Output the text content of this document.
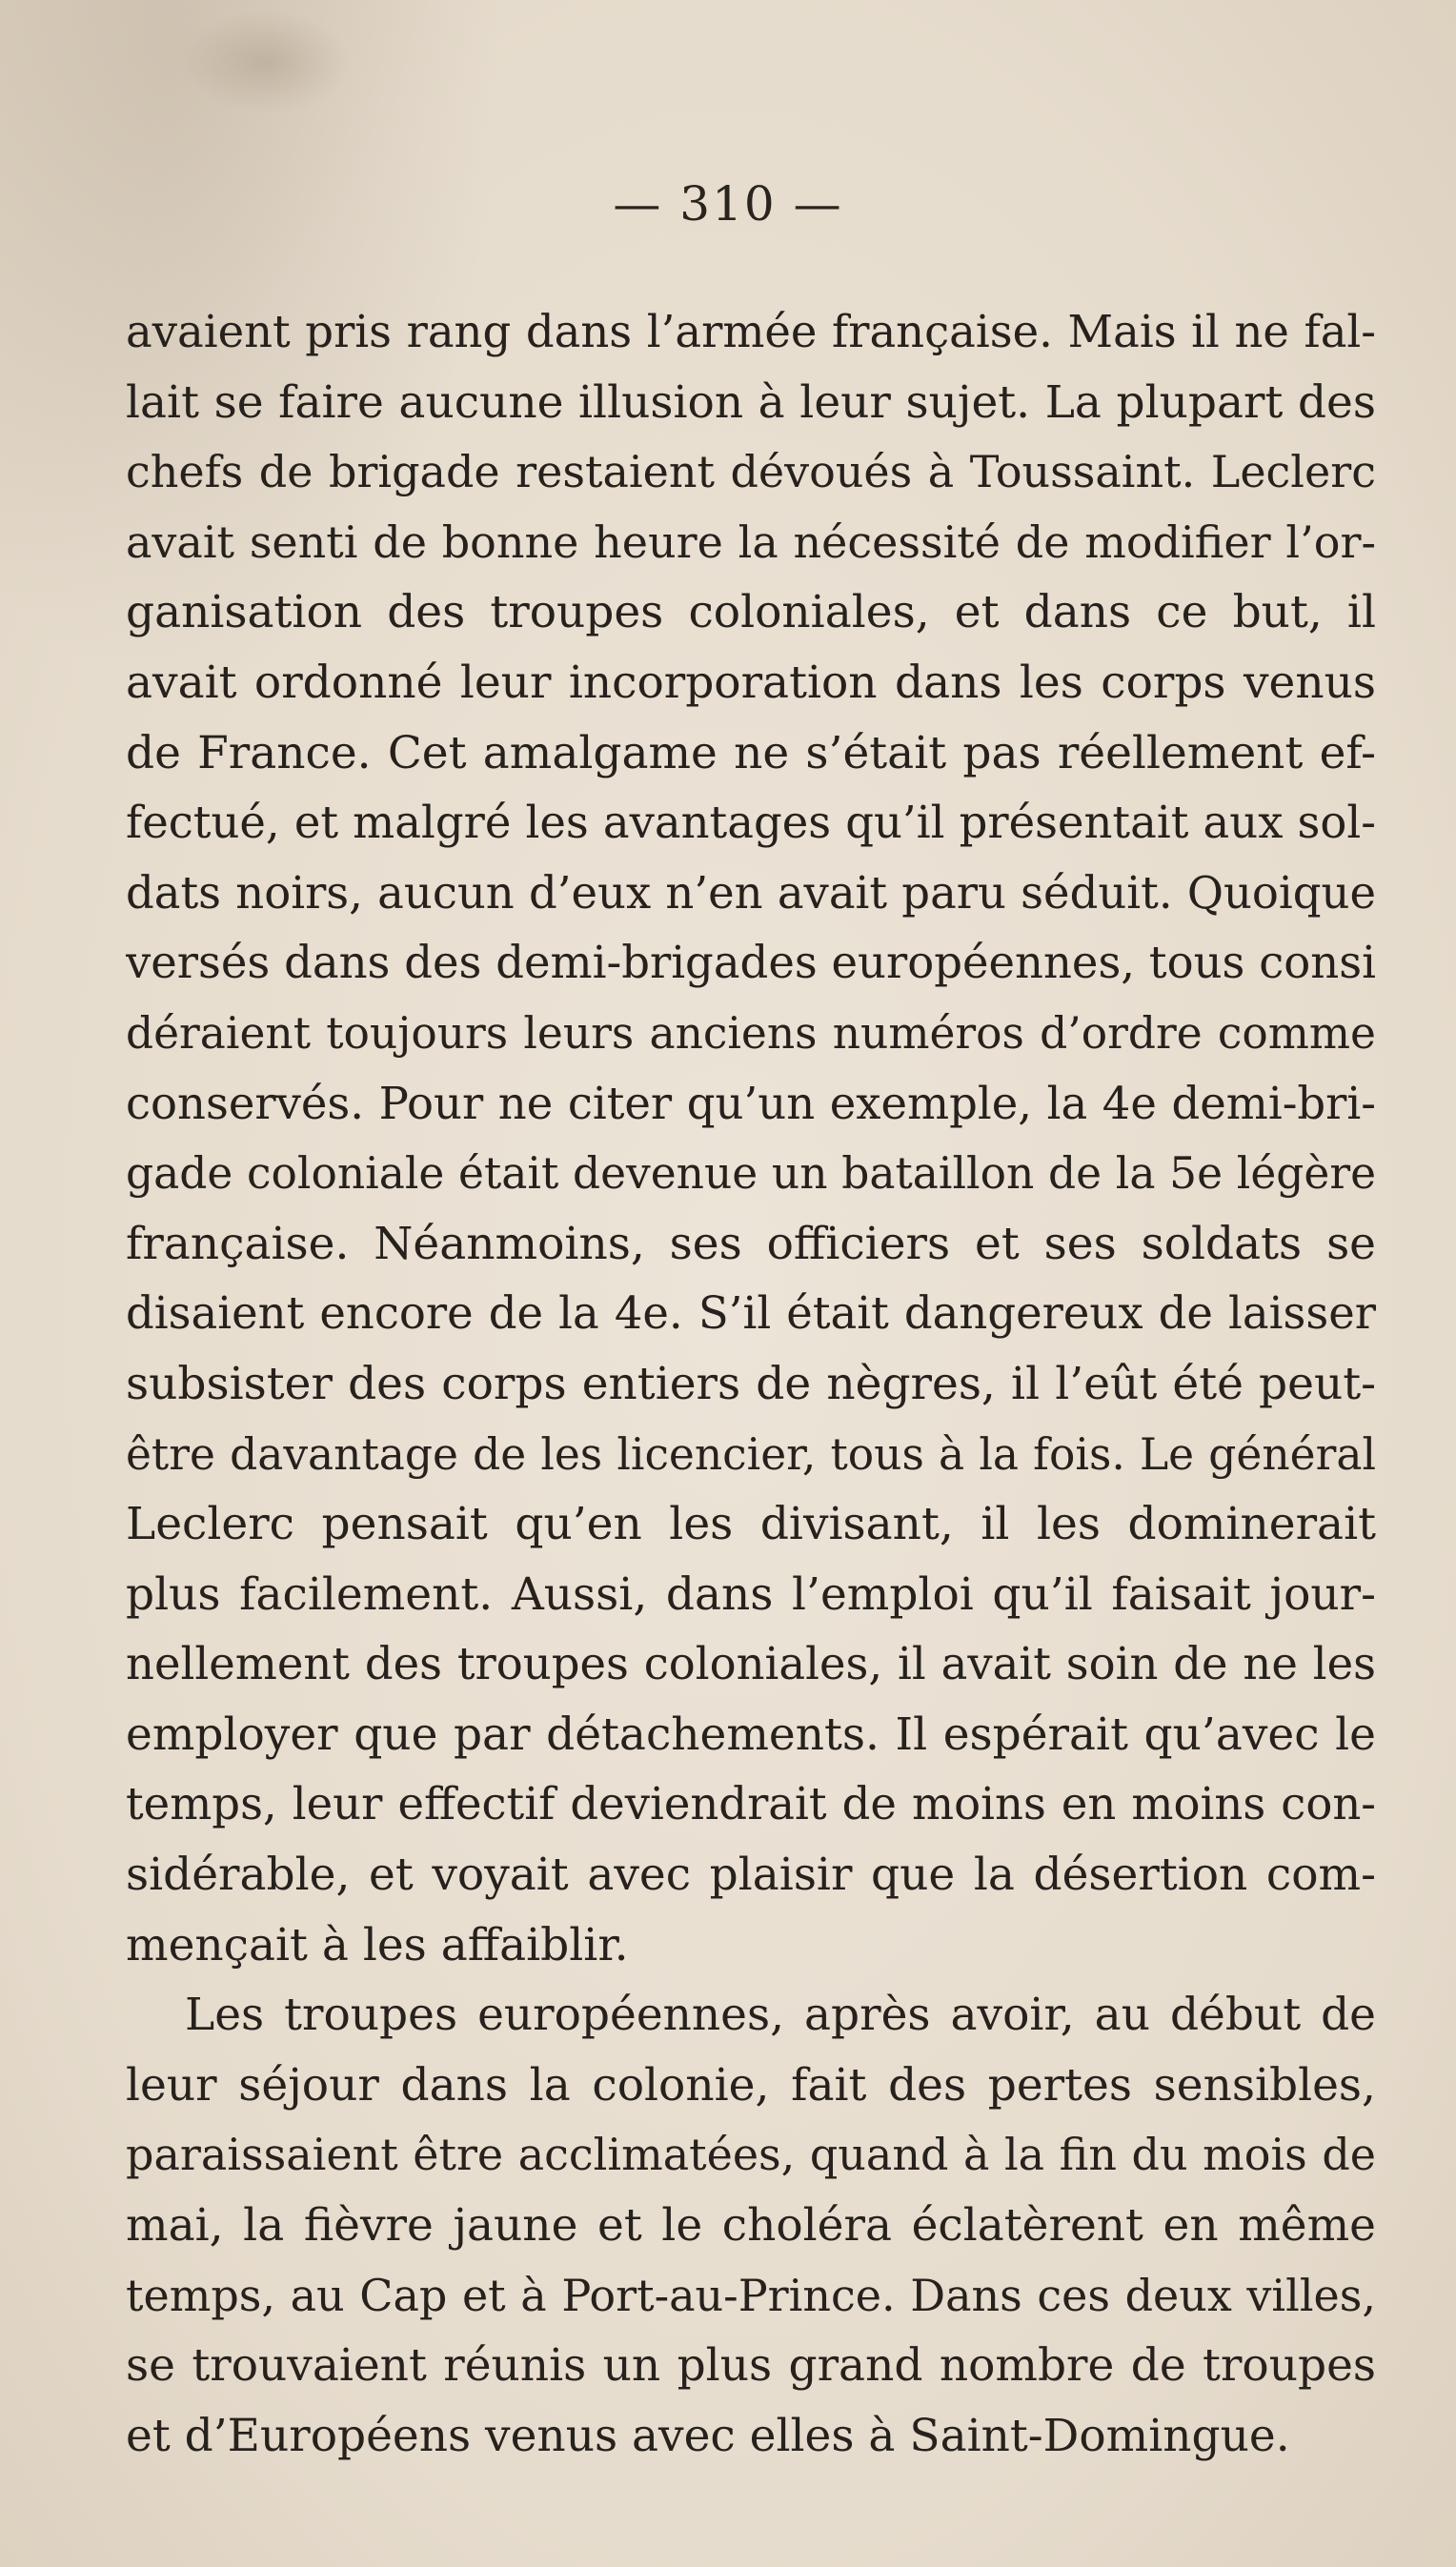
— 310 —
avaient pris rang dans l’armée française. Mais il ne fal-
lait se faire aucune illusion à leur sujet. La plupart des
chefs de brigade restaient dévoués à Toussaint. Leclerc
avait senti de bonne heure la nécessité de modifier l’or-
ganisation des troupes coloniales, et dans ce but, il
avait ordonné leur incorporation dans les corps venus
de France. Cet amalgame ne s’était pas réellement ef-
fectué, et malgré les avantages qu’il présentait aux sol-
dats noirs, aucun d’eux n’en avait paru séduit. Quoique
versés dans des demi-brigades européennes, tous consi
déraient toujours leurs anciens numéros d’ordre comme
conservés. Pour ne citer qu’un exemple, la 4e demi-bri-
gade coloniale était devenue un bataillon de la 5e légère
française. Néanmoins, ses officiers et ses soldats se
disaient encore de la 4e. S’il était dangereux de laisser
subsister des corps entiers de nègres, il l’eût été peut-
être davantage de les licencier, tous à la fois. Le général
Leclerc pensait qu’en les divisant, il les dominerait
plus facilement. Aussi, dans l’emploi qu’il faisait jour-
nellement des troupes coloniales, il avait soin de ne les
employer que par détachements. Il espérait qu’avec le
temps, leur effectif deviendrait de moins en moins con-
sidérable, et voyait avec plaisir que la désertion com-
mençait à les affaiblir.
Les troupes européennes, après avoir, au début de
leur séjour dans la colonie, fait des pertes sensibles,
paraissaient être acclimatées, quand à la fin du mois de
mai, la fièvre jaune et le choléra éclatèrent en même
temps, au Cap et à Port-au-Prince. Dans ces deux villes,
se trouvaient réunis un plus grand nombre de troupes
et d’Européens venus avec elles à Saint-Domingue.
